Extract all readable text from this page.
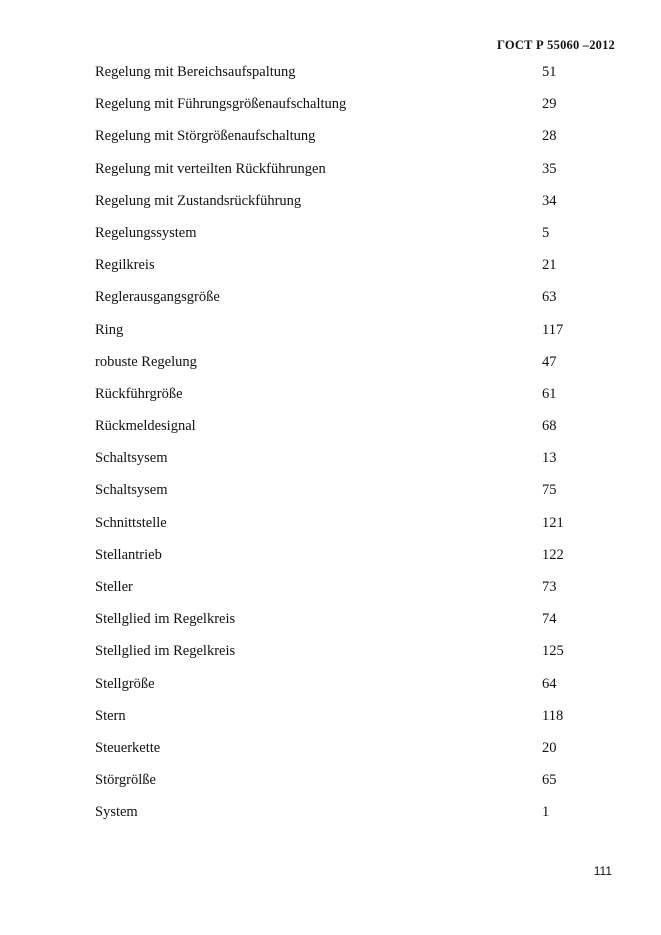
ГОСТ Р 55060 –2012
Regelung mit Bereichsaufspaltung	51
Regelung mit Führungsgrößenaufschaltung	29
Regelung mit Störgrößenaufschaltung	28
Regelung mit verteilten Rückführungen	35
Regelung mit Zustandsrückführung	34
Regelungssystem	5
Regilkreis	21
Reglerausgangsgröße	63
Ring	117
robuste Regelung	47
Rückführgröße	61
Rückmeldesignal	68
Schaltsysem	13
Schaltsysem	75
Schnittstelle	121
Stellantrieb	122
Steller	73
Stellglied im Regelkreis	74
Stellglied im Regelkreis	125
Stellgröße	64
Stern	118
Steuerkette	20
Störgrölße	65
System	1
111
